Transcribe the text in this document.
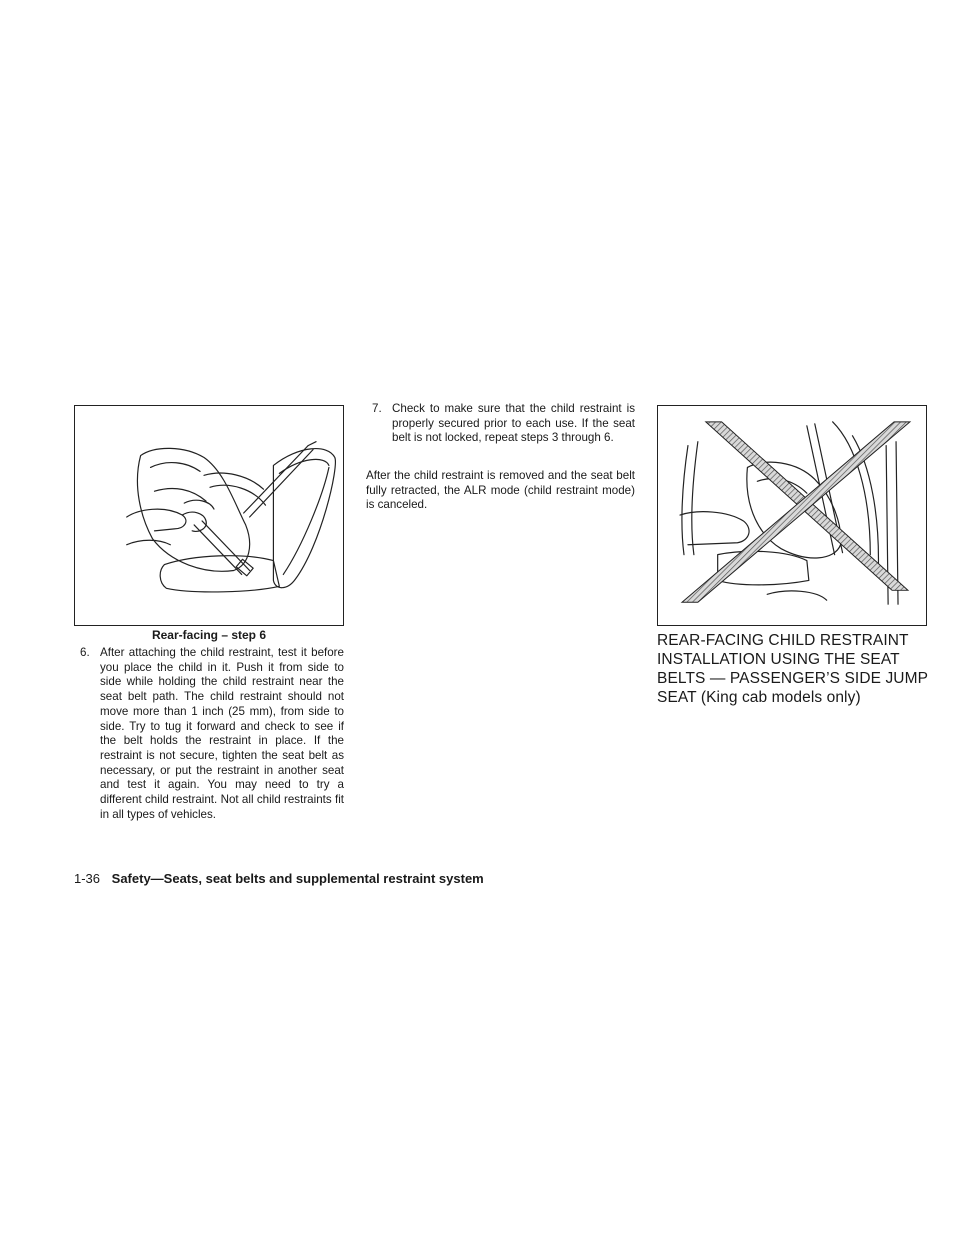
Rear-facing – step 6
6. After attaching the child restraint, test it before you place the child in it. Push it from side to side while holding the child restraint near the seat belt path. The child restraint should not move more than 1 inch (25 mm), from side to side. Try to tug it forward and check to see if the belt holds the restraint in place. If the restraint is not secure, tighten the seat belt as necessary, or put the restraint in another seat and test it again. You may need to try a different child restraint. Not all child restraints fit in all types of vehicles.
7. Check to make sure that the child restraint is properly secured prior to each use. If the seat belt is not locked, repeat steps 3 through 6.
After the child restraint is removed and the seat belt fully retracted, the ALR mode (child restraint mode) is canceled.
REAR-FACING CHILD RESTRAINT INSTALLATION USING THE SEAT BELTS — PASSENGER’S SIDE JUMP SEAT (King cab models only)
1-36 Safety—Seats, seat belts and supplemental restraint system
